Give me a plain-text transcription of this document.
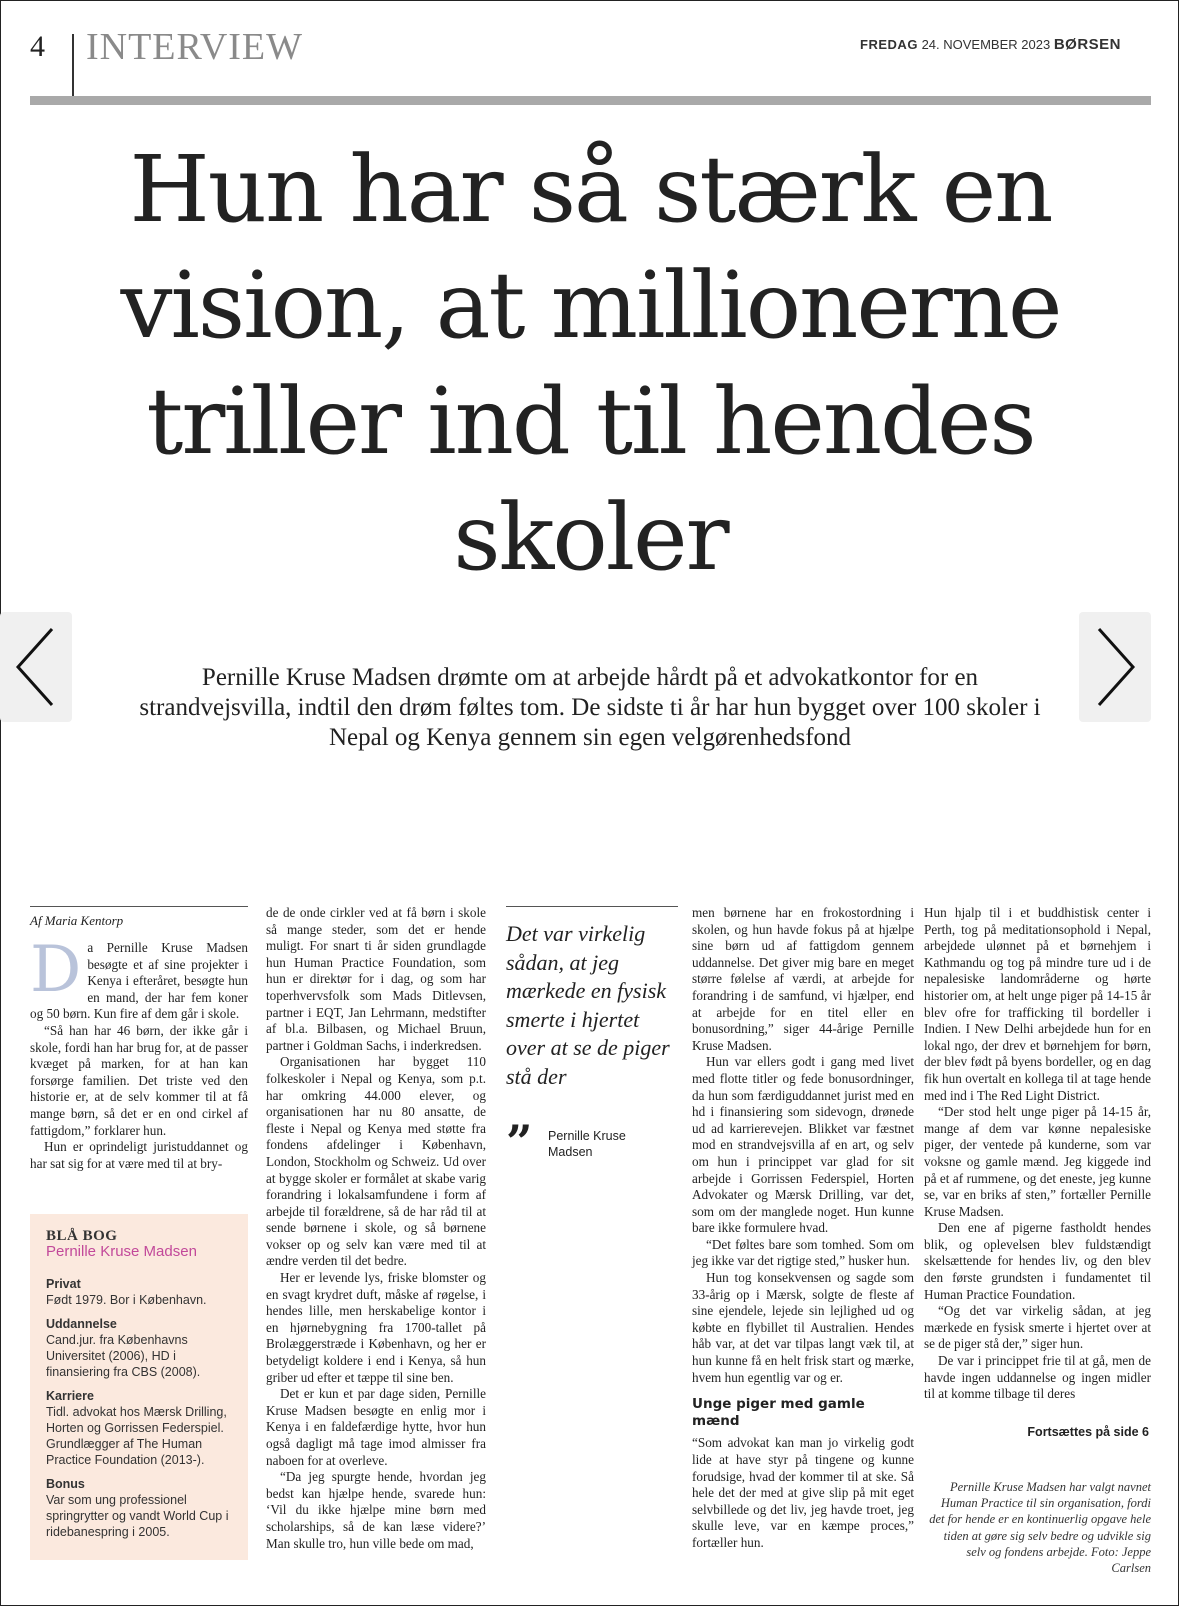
4 INTERVIEW	FREDAG 24. NOVEMBER 2023 BØRSEN
Hun har så stærk en vision, at millionerne triller ind til hendes skoler
Pernille Kruse Madsen drømte om at arbejde hårdt på et advokatkontor for en strandvejsvilla, indtil den drøm føltes tom. De sidste ti år har hun bygget over 100 skoler i Nepal og Kenya gennem sin egen velgørenhedsfond
Af Maria Kentorp

Da Pernille Kruse Madsen besøgte et af sine projekter i Kenya i efteråret, besøgte hun en mand, der har fem koner og 50 børn. Kun fire af dem går i skole.

“Så han har 46 børn, der ikke går i skole, fordi han har brug for, at de passer kvæget på marken, for at han kan forsørge familien. Det triste ved den historie er, at de selv kommer til at få mange børn, så det er en ond cirkel af fattigdom,” forklarer hun.

Hun er oprindeligt juristuddannet og har sat sig for at være med til at bry-

BLÅ BOG
Pernille Kruse Madsen
Privat
Født 1979. Bor i København.
Uddannelse
Cand.jur. fra Københavns Universitet (2006), HD i finansiering fra CBS (2008).
Karriere
Tidl. advokat hos Mærsk Drilling, Horten og Gorrissen Federspiel. Grundlægger af The Human Practice Foundation (2013-).
Bonus
Var som ung professionel springrytter og vandt World Cup i ridebanespring i 2005.

de de onde cirkler ved at få børn i skole så mange steder, som det er hende muligt. For snart ti år siden grundlagde hun Human Practice Foundation, som hun er direktør for i dag, og som har toperhvervsfolk som Mads Ditlevsen, partner i EQT, Jan Lehrmann, medstifter af bl.a. Bilbasen, og Michael Bruun, partner i Goldman Sachs, i inderkredsen.

Organisationen har bygget 110 folkeskoler i Nepal og Kenya, som p.t. har omkring 44.000 elever, og organisationen har nu 80 ansatte, de fleste i Nepal og Kenya med støtte fra fondens afdelinger i København, London, Stockholm og Schweiz. Ud over at bygge skoler er formålet at skabe varig forandring i lokalsamfundene i form af arbejde til forældrene, så de har råd til at sende børnene i skole, og så børnene vokser op og selv kan være med til at ændre verden til det bedre.

Her er levende lys, friske blomster og en svagt krydret duft, måske af røgelse, i hendes lille, men herskabelige kontor i en hjørnebygning fra 1700-tallet på Brolæggerstræde i København, og her er betydeligt koldere i end i Kenya, så hun griber ud efter et tæppe til sine ben.

Det er kun et par dage siden, Pernille Kruse Madsen besøgte en enlig mor i Kenya i en faldefærdige hytte, hvor hun også dagligt må tage imod almisser fra naboen for at overleve.

“Da jeg spurgte hende, hvordan jeg bedst kan hjælpe hende, svarede hun: ‘Vil du ikke hjælpe mine børn med scholarships, så de kan læse videre?’ Man skulle tro, hun ville bede om mad,

Det var virkelig sådan, at jeg mærkede en fysisk smerte i hjertet over at se de piger stå der
” Pernille Kruse Madsen

men børnene har en frokostordning i skolen, og hun havde fokus på at hjælpe sine børn ud af fattigdom gennem uddannelse. Det giver mig bare en meget større følelse af værdi, at arbejde for forandring i de samfund, vi hjælper, end at arbejde for en titel eller en bonusordning,” siger 44-årige Pernille Kruse Madsen.

Hun var ellers godt i gang med livet med flotte titler og fede bonusordninger, da hun som færdiguddannet jurist med en hd i finansiering som sidevogn, drønede ud ad karrierevejen. Blikket var fæstnet mod en strandvejsvilla af en art, og selv om hun i princippet var glad for sit arbejde i Gorrissen Federspiel, Horten Advokater og Mærsk Drilling, var det, som om der manglede noget. Hun kunne bare ikke formulere hvad.

“Det føltes bare som tomhed. Som om jeg ikke var det rigtige sted,” husker hun.

Hun tog konsekvensen og sagde som 33-årig op i Mærsk, solgte de fleste af sine ejendele, lejede sin lejlighed ud og købte en flybillet til Australien. Hendes håb var, at det var tilpas langt væk til, at hun kunne få en helt frisk start og mærke, hvem hun egentlig var og er.

Unge piger med gamle mænd

“Som advokat kan man jo virkelig godt lide at have styr på tingene og kunne forudsige, hvad der kommer til at ske. Så hele det der med at give slip på mit eget selvbillede og det liv, jeg havde troet, jeg skulle leve, var en kæmpe proces,” fortæller hun.

Hun hjalp til i et buddhistisk center i Perth, tog på meditationsophold i Nepal, arbejdede ulønnet på et børnehjem i Kathmandu og tog på mindre ture ud i de nepalesiske landområderne og hørte historier om, at helt unge piger på 14-15 år blev ofre for trafficking til bordeller i Indien. I New Delhi arbejdede hun for en lokal ngo, der drev et børnehjem for børn, der blev født på byens bordeller, og en dag fik hun overtalt en kollega til at tage hende med ind i The Red Light District.

“Der stod helt unge piger på 14-15 år, mange af dem var kønne nepalesiske piger, der ventede på kunderne, som var voksne og gamle mænd. Jeg kiggede ind på et af rummene, og det eneste, jeg kunne se, var en briks af sten,” fortæller Pernille Kruse Madsen.

Den ene af pigerne fastholdt hendes blik, og oplevelsen blev fuldstændigt skelsættende for hendes liv, og den blev den første grundsten i fundamentet til Human Practice Foundation.

“Og det var virkelig sådan, at jeg mærkede en fysisk smerte i hjertet over at se de piger stå der,” siger hun.

De var i princippet frie til at gå, men de havde ingen uddannelse og ingen midler til at komme tilbage til deres

Fortsættes på side 6
Pernille Kruse Madsen har valgt navnet Human Practice til sin organisation, fordi det for hende er en kontinuerlig opgave hele tiden at gøre sig selv bedre og udvikle sig selv og fondens arbejde. Foto: Jeppe Carlsen
